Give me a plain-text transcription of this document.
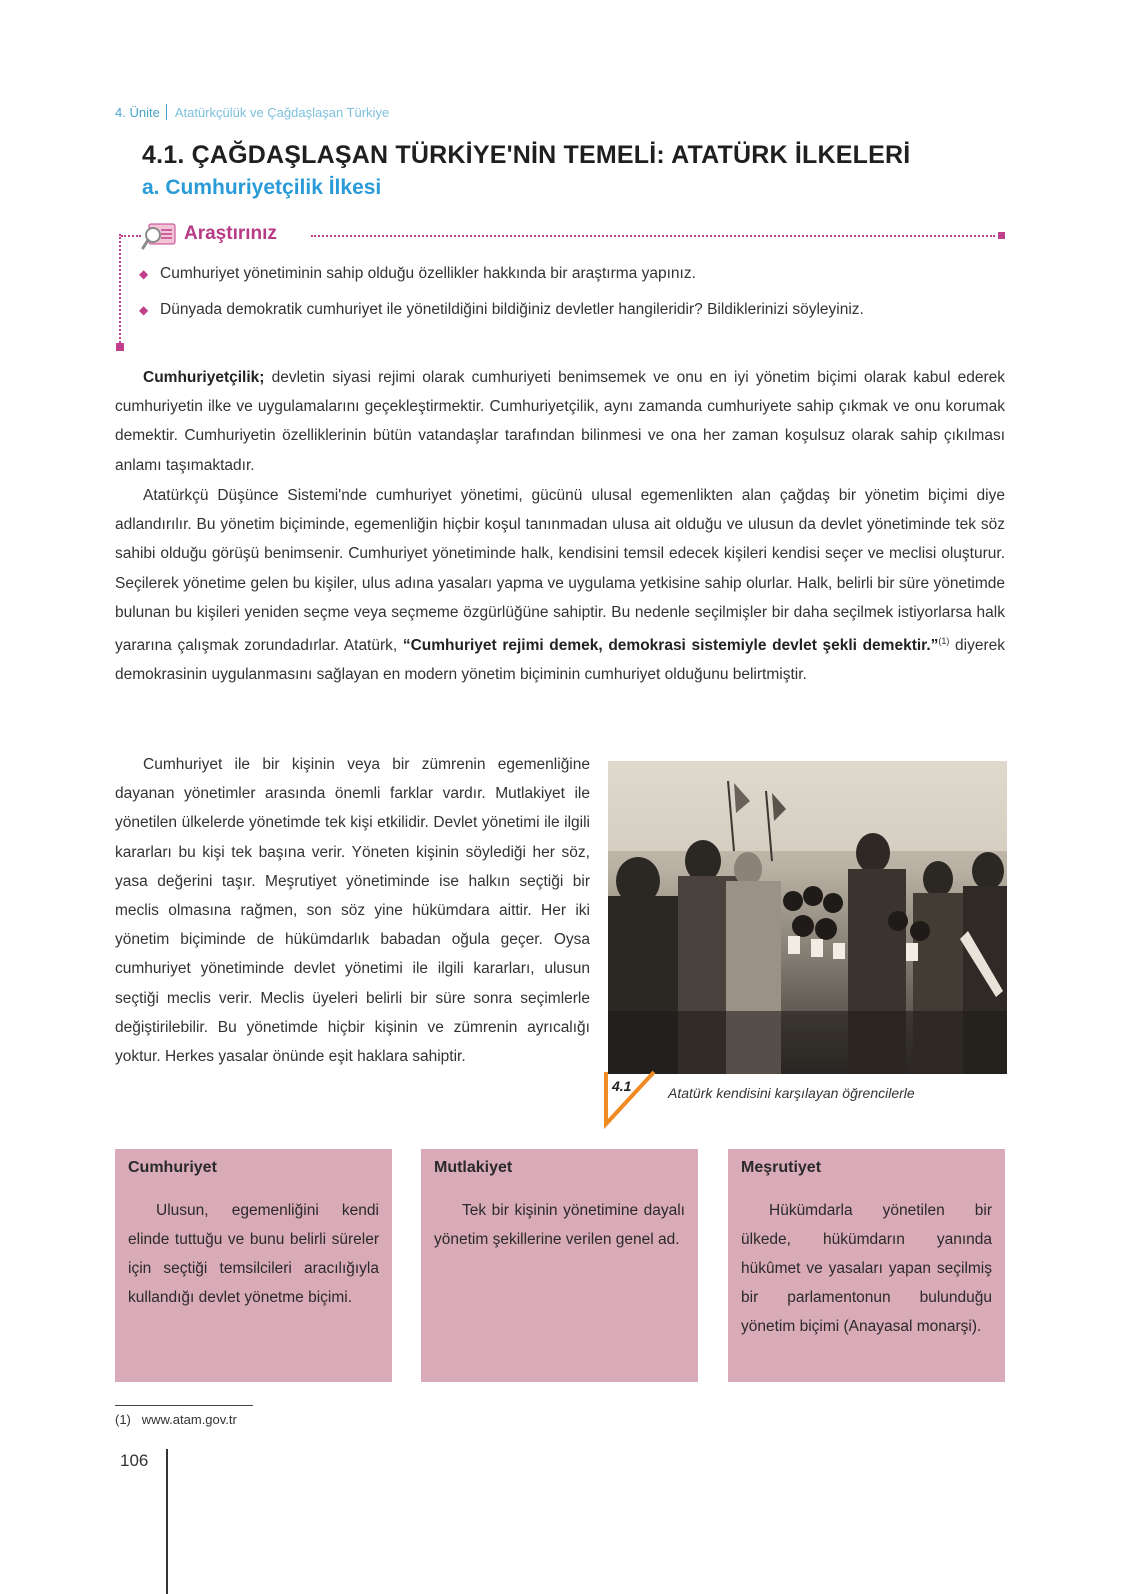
4. Ünite Atatürkçülük ve Çağdaşlaşan Türkiye
4.1. ÇAĞDAŞLAŞAN TÜRKİYE'NİN TEMELİ: ATATÜRK İLKELERİ
a. Cumhuriyetçilik İlkesi
Araştırınız
◆ Cumhuriyet yönetiminin sahip olduğu özellikler hakkında bir araştırma yapınız.
◆ Dünyada demokratik cumhuriyet ile yönetildiğini bildiğiniz devletler hangileridir? Bildiklerinizi söyleyiniz.
Cumhuriyetçilik; devletin siyasi rejimi olarak cumhuriyeti benimsemek ve onu en iyi yönetim biçimi olarak kabul ederek cumhuriyetin ilke ve uygulamalarını geçekleştirmektir. Cumhuriyetçilik, aynı zamanda cumhuriyete sahip çıkmak ve onu korumak demektir. Cumhuriyetin özelliklerinin bütün vatandaşlar tarafından bilinmesi ve ona her zaman koşulsuz olarak sahip çıkılması anlamı taşımaktadır.
Atatürkçü Düşünce Sistemi'nde cumhuriyet yönetimi, gücünü ulusal egemenlikten alan çağdaş bir yönetim biçimi diye adlandırılır. Bu yönetim biçiminde, egemenliğin hiçbir koşul tanınmadan ulusa ait olduğu ve ulusun da devlet yönetiminde tek söz sahibi olduğu görüşü benimsenir. Cumhuriyet yönetiminde halk, kendisini temsil edecek kişileri kendisi seçer ve meclisi oluşturur. Seçilerek yönetime gelen bu kişiler, ulus adına yasaları yapma ve uygulama yetkisine sahip olurlar. Halk, belirli bir süre yönetimde bulunan bu kişileri yeniden seçme veya seçmeme özgürlüğüne sahiptir. Bu nedenle seçilmişler bir daha seçilmek istiyorlarsa halk yararına çalışmak zorundadırlar. Atatürk, “Cumhuriyet rejimi demek, demokrasi sistemiyle devlet şekli demektir.”$^{(1)}$ diyerek demokrasinin uygulanmasını sağlayan en modern yönetim biçiminin cumhuriyet olduğunu belirtmiştir.
Cumhuriyet ile bir kişinin veya bir zümrenin egemenliğine dayanan yönetimler arasında önemli farklar vardır. Mutlakiyet ile yönetilen ülkelerde yönetimde tek kişi etkilidir. Devlet yönetimi ile ilgili kararları bu kişi tek başına verir. Yöneten kişinin söylediği her söz, yasa değerini taşır. Meşrutiyet yönetiminde ise halkın seçtiği bir meclis olmasına rağmen, son söz yine hükümdara aittir. Her iki yönetim biçiminde de hükümdarlık babadan oğula geçer. Oysa cumhuriyet yönetiminde devlet yönetimi ile ilgili kararları, ulusun seçtiği meclis verir. Meclis üyeleri belirli bir süre sonra seçimlerle değiştirilebilir. Bu yönetimde hiçbir kişinin ve zümrenin ayrıcalığı yoktur. Herkes yasalar önünde eşit haklara sahiptir.
4.1	Atatürk kendisini karşılayan öğrencilerle
Cumhuriyet
Ulusun, egemenliğini kendi elinde tuttuğu ve bunu belirli süreler için seçtiği temsilcileri aracılığıyla kullandığı devlet yönetme biçimi.
Mutlakiyet
Tek bir kişinin yönetimine dayalı yönetim şekillerine verilen genel ad.
Meşrutiyet
Hükümdarla yönetilen bir ülkede, hükümdarın yanında hükûmet ve yasaları yapan seçilmiş bir parlamentonun bulunduğu yönetim biçimi (Anayasal monarşi).
(1) www.atam.gov.tr
106
